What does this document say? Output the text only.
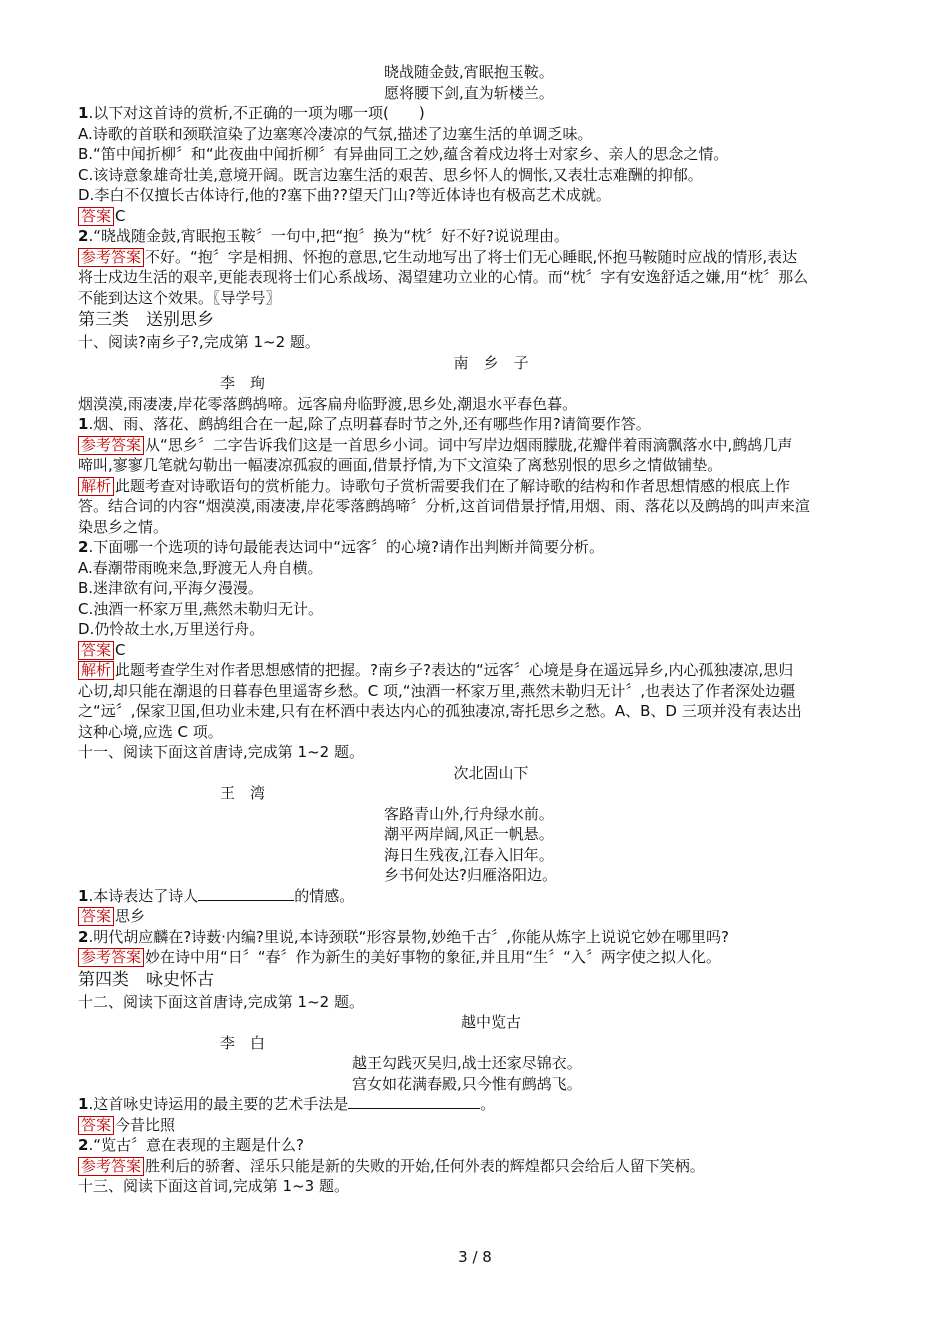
晓战随金鼓,宵眠抱玉鞍。

愿将腰下剑,直为斩楼兰。

1.以下对这首诗的赏析,不正确的一项为哪一项(　　)

A.诗歌的首联和颈联渲染了边塞寒冷凄凉的气氛,描述了边塞生活的单调乏味。

B.“笛中闻折柳〞和“此夜曲中闻折柳〞有异曲同工之妙,蕴含着戍边将士对家乡、亲人的思念之情。

C.该诗意象雄奇壮美,意境开阔。既言边塞生活的艰苦、思乡怀人的惆怅,又表壮志难酬的抑郁。

D.李白不仅擅长古体诗行,他的?塞下曲??望天门山?等近体诗也有极高艺术成就。

答案 C

2.“晓战随金鼓,宵眠抱玉鞍〞一句中,把“抱〞换为“枕〞好不好?说说理由。

参考答案 不好。“抱〞字是相拥、怀抱的意思,它生动地写出了将士们无心睡眠,怀抱马鞍随时应战的情形,表达

将士戍边生活的艰辛,更能表现将士们心系战场、渴望建功立业的心情。而“枕〞字有安逸舒适之嫌,用“枕〞那么

不能到达这个效果。〖导学号〗

第三类　送别思乡

十、阅读?南乡子?,完成第 1~2 题。

南　乡　子

李　珣

烟漠漠,雨凄凄,岸花零落鹧鸪啼。远客扁舟临野渡,思乡处,潮退水平春色暮。

1.烟、雨、落花、鹧鸪组合在一起,除了点明暮春时节之外,还有哪些作用?请简要作答。

参考答案 从“思乡〞二字告诉我们这是一首思乡小词。词中写岸边烟雨朦胧,花瓣伴着雨滴飘落水中,鹧鸪几声

啼叫,寥寥几笔就勾勒出一幅凄凉孤寂的画面,借景抒情,为下文渲染了离愁别恨的思乡之情做铺垫。

解析 此题考查对诗歌语句的赏析能力。诗歌句子赏析需要我们在了解诗歌的结构和作者思想情感的根底上作

答。结合词的内容“烟漠漠,雨凄凄,岸花零落鹧鸪啼〞分析,这首词借景抒情,用烟、雨、落花以及鹧鸪的叫声来渲

染思乡之情。

2.下面哪一个选项的诗句最能表达词中“远客〞的心境?请作出判断并简要分析。

A.春潮带雨晚来急,野渡无人舟自横。

B.迷津欲有问,平海夕漫漫。

C.浊酒一杯家万里,燕然未勒归无计。

D.仍怜故土水,万里送行舟。

答案 C

解析 此题考查学生对作者思想感情的把握。?南乡子?表达的“远客〞心境是身在遥远异乡,内心孤独凄凉,思归

心切,却只能在潮退的日暮春色里遥寄乡愁。C 项,“浊酒一杯家万里,燕然未勒归无计〞,也表达了作者深处边疆

之“远〞,保家卫国,但功业未建,只有在杯酒中表达内心的孤独凄凉,寄托思乡之愁。A、B、D 三项并没有表达出

这种心境,应选 C 项。

十一、阅读下面这首唐诗,完成第 1~2 题。

次北固山下

王　湾

客路青山外,行舟绿水前。

潮平两岸阔,风正一帆悬。

海日生残夜,江春入旧年。

乡书何处达?归雁洛阳边。

1.本诗表达了诗人	的情感。

答案 思乡

2.明代胡应麟在?诗薮·内编?里说,本诗颈联“形容景物,妙绝千古〞,你能从炼字上说说它妙在哪里吗?

参考答案 妙在诗中用“日〞“春〞作为新生的美好事物的象征,并且用“生〞“入〞两字使之拟人化。

第四类　咏史怀古

十二、阅读下面这首唐诗,完成第 1~2 题。

越中览古

李　白

越王勾践灭吴归,战士还家尽锦衣。

宫女如花满春殿,只今惟有鹧鸪飞。

1.这首咏史诗运用的最主要的艺术手法是	。

答案 今昔比照

2.“览古〞意在表现的主题是什么?

参考答案 胜利后的骄奢、淫乐只能是新的失败的开始,任何外表的辉煌都只会给后人留下笑柄。

十三、阅读下面这首词,完成第 1~3 题。

3 / 8
